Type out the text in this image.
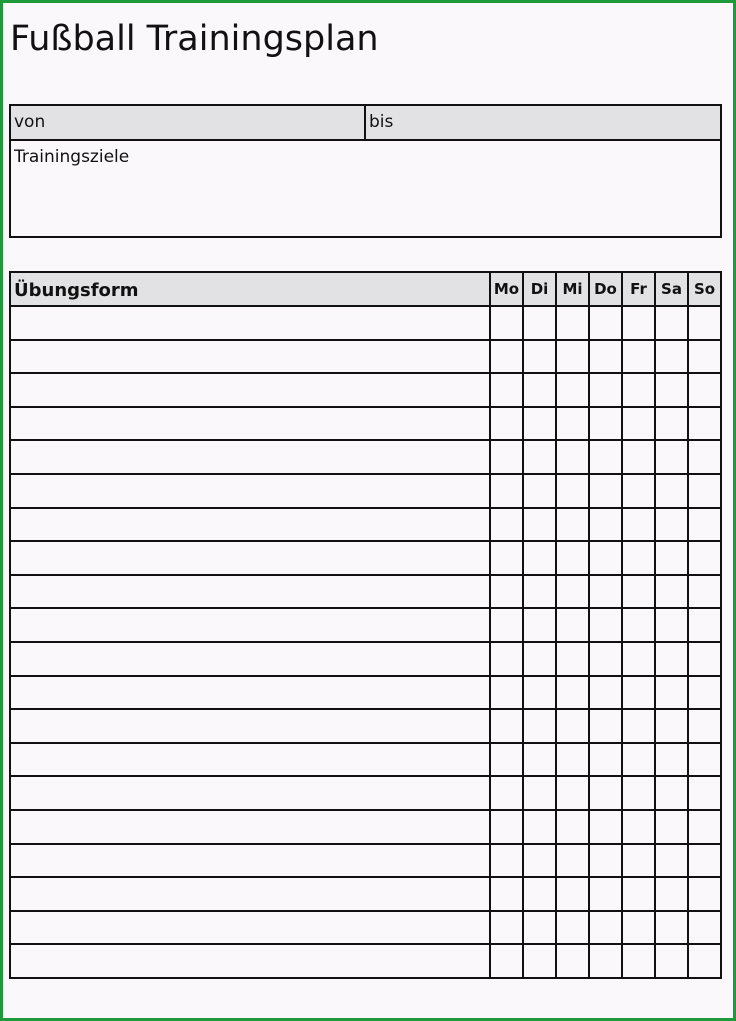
Fußball Trainingsplan
von	bis
Trainingsziele
Übungsform	Mo	Di	Mi	Do	Fr	Sa	So
